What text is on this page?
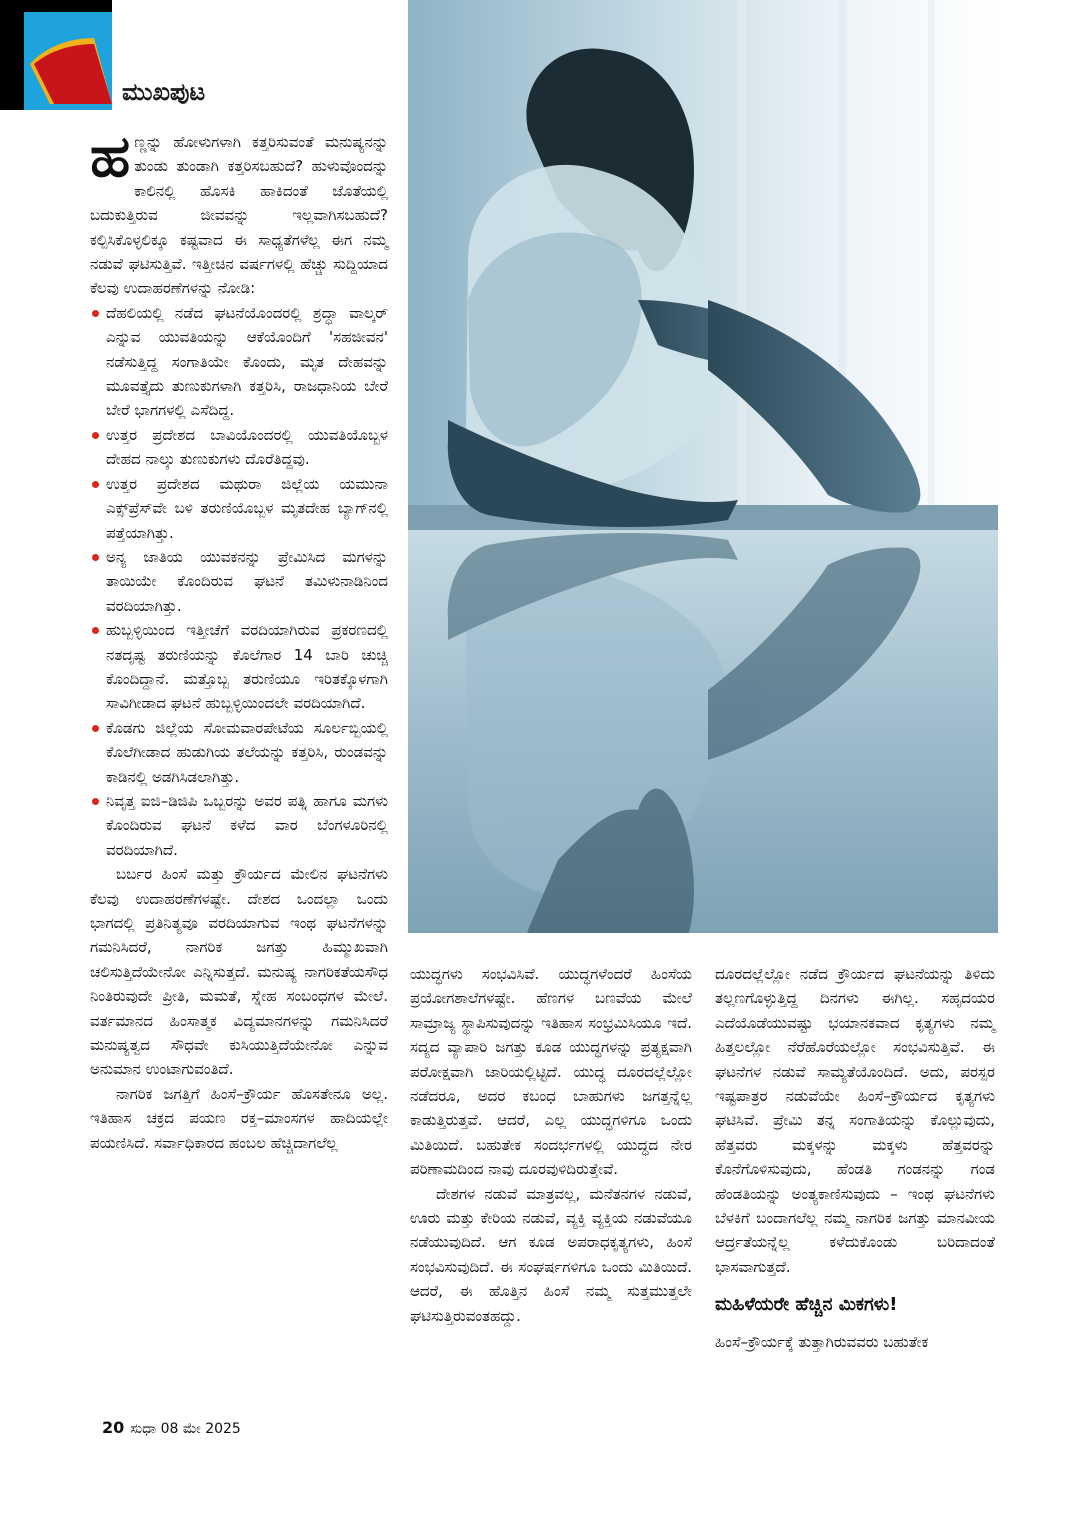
ಮುಖಪುಟ

ಹಣ್ಣನ್ನು ಹೋಳುಗಳಾಗಿ ಕತ್ತರಿಸುವಂತೆ ಮನುಷ್ಯನನ್ನು ತುಂಡು ತುಂಡಾಗಿ ಕತ್ತರಿಸಬಹುದೆ? ಹುಳುವೊಂದನ್ನು ಕಾಲಿನಲ್ಲಿ ಹೊಸಕಿ ಹಾಕಿದಂತೆ ಜೊತೆಯಲ್ಲಿ ಬದುಕುತ್ತಿರುವ ಜೀವವನ್ನು ಇಲ್ಲವಾಗಿಸಬಹುದೆ? ಕಲ್ಪಿಸಿಕೊಳ್ಳಲಿಕ್ಕೂ ಕಷ್ಟವಾದ ಈ ಸಾಧ್ಯತೆಗಳೆಲ್ಲ ಈಗ ನಮ್ಮ ನಡುವೆ ಘಟಿಸುತ್ತಿವೆ. ಇತ್ತೀಚಿನ ವರ್ಷಗಳಲ್ಲಿ ಹೆಚ್ಚು ಸುದ್ದಿಯಾದ ಕೆಲವು ಉದಾಹರಣೆಗಳನ್ನು ನೋಡಿ:

ದೆಹಲಿಯಲ್ಲಿ ನಡೆದ ಘಟನೆಯೊಂದರಲ್ಲಿ ಶ್ರದ್ಧಾ ವಾಲ್ಕರ್ ಎನ್ನುವ ಯುವತಿಯನ್ನು ಆಕೆಯೊಂದಿಗೆ 'ಸಹಜೀವನ' ನಡೆಸುತ್ತಿದ್ದ ಸಂಗಾತಿಯೇ ಕೊಂದು, ಮೃತ ದೇಹವನ್ನು ಮೂವತ್ತೈದು ತುಣುಕುಗಳಾಗಿ ಕತ್ತರಿಸಿ, ರಾಜಧಾನಿಯ ಬೇರೆ ಬೇರೆ ಭಾಗಗಳಲ್ಲಿ ಎಸೆದಿದ್ದ.
ಉತ್ತರ ಪ್ರದೇಶದ ಬಾವಿಯೊಂದರಲ್ಲಿ ಯುವತಿಯೊಬ್ಬಳ ದೇಹದ ನಾಲ್ಕು ತುಣುಕುಗಳು ದೊರೆತಿದ್ದವು.
ಉತ್ತರ ಪ್ರದೇಶದ ಮಥುರಾ ಜಿಲ್ಲೆಯ ಯಮುನಾ ಎಕ್ಸ್‌ಪ್ರೆಸ್‌ವೇ ಬಳಿ ತರುಣಿಯೊಬ್ಬಳ ಮೃತದೇಹ ಬ್ಯಾಗ್‌ನಲ್ಲಿ ಪತ್ತೆಯಾಗಿತ್ತು.
ಅನ್ಯ ಜಾತಿಯ ಯುವಕನನ್ನು ಪ್ರೇಮಿಸಿದ ಮಗಳನ್ನು ತಾಯಿಯೇ ಕೊಂದಿರುವ ಘಟನೆ ತಮಿಳುನಾಡಿನಿಂದ ವರದಿಯಾಗಿತ್ತು.
ಹುಬ್ಬಳ್ಳಿಯಿಂದ ಇತ್ತೀಚೆಗೆ ವರದಿಯಾಗಿರುವ ಪ್ರಕರಣದಲ್ಲಿ ನತದೃಷ್ಟ ತರುಣಿಯನ್ನು ಕೊಲೆಗಾರ 14 ಬಾರಿ ಚುಚ್ಚಿ ಕೊಂದಿದ್ದಾನೆ. ಮತ್ತೊಬ್ಬ ತರುಣಿಯೂ ಇರಿತಕ್ಕೊಳಗಾಗಿ ಸಾವಿಗೀಡಾದ ಘಟನೆ ಹುಬ್ಬಳ್ಳಿಯಿಂದಲೇ ವರದಿಯಾಗಿದೆ.
ಕೊಡಗು ಜಿಲ್ಲೆಯ ಸೋಮವಾರಪೇಟೆಯ ಸೂರ್ಲಬ್ಬಿಯಲ್ಲಿ ಕೊಲೆಗೀಡಾದ ಹುಡುಗಿಯ ತಲೆಯನ್ನು ಕತ್ತರಿಸಿ, ರುಂಡವನ್ನು ಕಾಡಿನಲ್ಲಿ ಅಡಗಿಸಿಡಲಾಗಿತ್ತು.
ನಿವೃತ್ತ ಐಜಿ–ಡಿಜಿಪಿ ಒಬ್ಬರನ್ನು ಅವರ ಪತ್ನಿ ಹಾಗೂ ಮಗಳು ಕೊಂದಿರುವ ಘಟನೆ ಕಳೆದ ವಾರ ಬೆಂಗಳೂರಿನಲ್ಲಿ ವರದಿಯಾಗಿದೆ.

ಬರ್ಬರ ಹಿಂಸೆ ಮತ್ತು ಕ್ರೌರ್ಯದ ಮೇಲಿನ ಘಟನೆಗಳು ಕೆಲವು ಉದಾಹರಣೆಗಳಷ್ಟೇ. ದೇಶದ ಒಂದಲ್ಲಾ ಒಂದು ಭಾಗದಲ್ಲಿ ಪ್ರತಿನಿತ್ಯವೂ ವರದಿಯಾಗುವ ಇಂಥ ಘಟನೆಗಳನ್ನು ಗಮನಿಸಿದರೆ, ನಾಗರಿಕ ಜಗತ್ತು ಹಿಮ್ಮುಖವಾಗಿ ಚಲಿಸುತ್ತಿದೆಯೇನೋ ಎನ್ನಿಸುತ್ತದೆ. ಮನುಷ್ಯ ನಾಗರಿಕತೆಯಸೌಧ ನಿಂತಿರುವುದೇ ಪ್ರೀತಿ, ಮಮತೆ, ಸ್ನೇಹ ಸಂಬಂಧಗಳ ಮೇಲೆ. ವರ್ತಮಾನದ ಹಿಂಸಾತ್ಮಕ ವಿದ್ಯಮಾನಗಳನ್ನು ಗಮನಿಸಿದರೆ ಮನುಷ್ಯತ್ವದ ಸೌಧವೇ ಕುಸಿಯುತ್ತಿದೆಯೇನೋ ಎನ್ನುವ ಅನುಮಾನ ಉಂಟಾಗುವಂತಿದೆ.

ನಾಗರಿಕ ಜಗತ್ತಿಗೆ ಹಿಂಸೆ–ಕ್ರೌರ್ಯ ಹೊಸತೇನೂ ಅಲ್ಲ. ಇತಿಹಾಸ ಚಕ್ರದ ಪಯಣ ರಕ್ತ–ಮಾಂಸಗಳ ಹಾದಿಯಲ್ಲೇ ಪಯಣಿಸಿದೆ. ಸರ್ವಾಧಿಕಾರದ ಹಂಬಲ ಹೆಚ್ಚಿದಾಗಲೆಲ್ಲ

ಯುದ್ಧಗಳು ಸಂಭವಿಸಿವೆ. ಯುದ್ಧಗಳೆಂದರೆ ಹಿಂಸೆಯ ಪ್ರಯೋಗಶಾಲೆಗಳಷ್ಟೇ. ಹೆಣಗಳ ಬಣವೆಯ ಮೇಲೆ ಸಾಮ್ರಾಜ್ಯ ಸ್ಥಾಪಿಸುವುದನ್ನು ಇತಿಹಾಸ ಸಂಭ್ರಮಿಸಿಯೂ ಇದೆ. ಸದ್ಯದ ವ್ಯಾಪಾರಿ ಜಗತ್ತು ಕೂಡ ಯುದ್ಧಗಳನ್ನು ಪ್ರತ್ಯಕ್ಷವಾಗಿ ಪರೋಕ್ಷವಾಗಿ ಜಾರಿಯಲ್ಲಿಟ್ಟಿದೆ. ಯುದ್ಧ ದೂರದಲ್ಲೆಲ್ಲೋ ನಡೆದರೂ, ಅದರ ಕಬಂಧ ಬಾಹುಗಳು ಜಗತ್ತನ್ನೆಲ್ಲ ಕಾಡುತ್ತಿರುತ್ತವೆ. ಆದರೆ, ಎಲ್ಲ ಯುದ್ಧಗಳಿಗೂ ಒಂದು ಮಿತಿಯಿದೆ. ಬಹುತೇಕ ಸಂದರ್ಭಗಳಲ್ಲಿ ಯುದ್ಧದ ನೇರ ಪರಿಣಾಮದಿಂದ ನಾವು ದೂರವುಳಿದಿರುತ್ತೇವೆ.

ದೇಶಗಳ ನಡುವೆ ಮಾತ್ರವಲ್ಲ, ಮನೆತನಗಳ ನಡುವೆ, ಊರು ಮತ್ತು ಕೇರಿಯ ನಡುವೆ, ವ್ಯಕ್ತಿ ವ್ಯಕ್ತಿಯ ನಡುವೆಯೂ ನಡೆಯುವುದಿದೆ. ಆಗ ಕೂಡ ಅಪರಾಧಕೃತ್ಯಗಳು, ಹಿಂಸೆ ಸಂಭವಿಸುವುದಿದೆ. ಈ ಸಂಘರ್ಷಗಳಿಗೂ ಒಂದು ಮಿತಿಯಿದೆ. ಆದರೆ, ಈ ಹೊತ್ತಿನ ಹಿಂಸೆ ನಮ್ಮ ಸುತ್ತಮುತ್ತಲೇ ಘಟಿಸುತ್ತಿರುವಂತಹದ್ದು.

ದೂರದಲ್ಲೆಲ್ಲೋ ನಡೆದ ಕ್ರೌರ್ಯದ ಘಟನೆಯನ್ನು ತಿಳಿದು ತಲ್ಲಣಗೊಳ್ಳುತ್ತಿದ್ದ ದಿನಗಳು ಈಗಿಲ್ಲ. ಸಹೃದಯರ ಎದೆಯೊಡೆಯುವಷ್ಟು ಭಯಾನಕವಾದ ಕೃತ್ಯಗಳು ನಮ್ಮ ಹಿತ್ತಲಲ್ಲೋ ನೆರೆಹೊರೆಯಲ್ಲೋ ಸಂಭವಿಸುತ್ತಿವೆ. ಈ ಘಟನೆಗಳ ನಡುವೆ ಸಾಮ್ಯತೆಯೊಂದಿದೆ. ಅದು, ಪರಸ್ಪರ ಇಷ್ಟಪಾತ್ರರ ನಡುವೆಯೇ ಹಿಂಸೆ–ಕ್ರೌರ್ಯದ ಕೃತ್ಯಗಳು ಘಟಿಸಿವೆ. ಪ್ರೇಮಿ ತನ್ನ ಸಂಗಾತಿಯನ್ನು ಕೊಲ್ಲುವುದು, ಹೆತ್ತವರು ಮಕ್ಕಳನ್ನು ಮಕ್ಕಳು ಹೆತ್ತವರನ್ನು ಕೊನೆಗೊಳಿಸುವುದು, ಹೆಂಡತಿ ಗಂಡನನ್ನು ಗಂಡ ಹೆಂಡತಿಯನ್ನು ಅಂತ್ಯಕಾಣಿಸುವುದು – ಇಂಥ ಘಟನೆಗಳು ಬೆಳಕಿಗೆ ಬಂದಾಗಲೆಲ್ಲ ನಮ್ಮ ನಾಗರಿಕ ಜಗತ್ತು ಮಾನವೀಯ ಆರ್ದ್ರತೆಯನ್ನೆಲ್ಲ ಕಳೆದುಕೊಂಡು ಬರಿದಾದಂತೆ ಭಾಸವಾಗುತ್ತದೆ.

ಮಹಿಳೆಯರೇ ಹೆಚ್ಚಿನ ಮಿಕಗಳು!

ಹಿಂಸೆ–ಕ್ರೌರ್ಯಕ್ಕೆ ತುತ್ತಾಗಿರುವವರು ಬಹುತೇಕ

20 ಸುಧಾ 08 ಮೇ 2025
